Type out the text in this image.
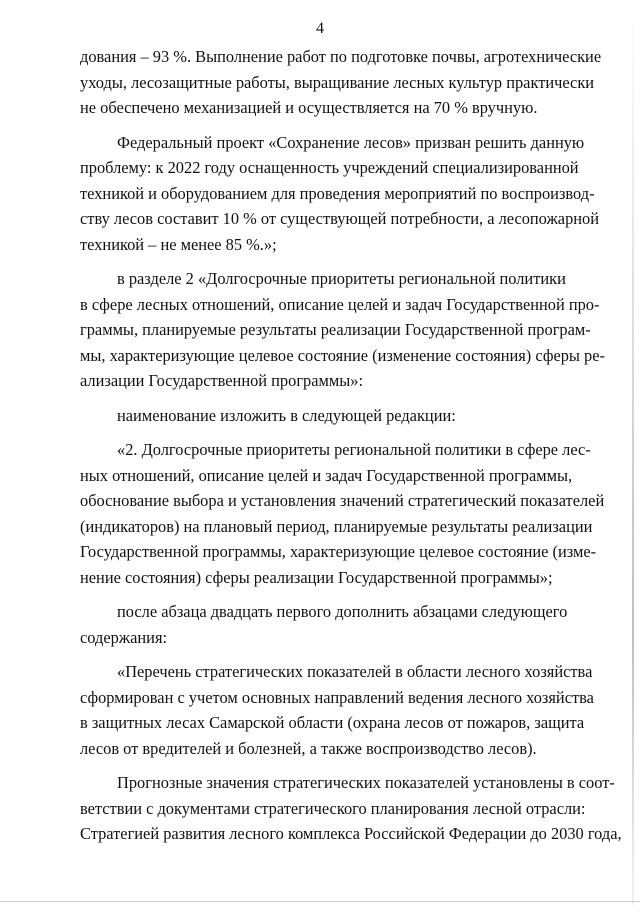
4
дования – 93 %. Выполнение работ по подготовке почвы, агротехнические
уходы, лесозащитные работы, выращивание лесных культур практически
не обеспечено механизацией и осуществляется на 70 % вручную.
Федеральный проект «Сохранение лесов» призван решить данную
проблему: к 2022 году оснащенность учреждений специализированной
техникой и оборудованием для проведения мероприятий по воспроизвод-
ству лесов составит 10 % от существующей потребности, а лесопожарной
техникой – не менее 85 %.»;
в разделе 2 «Долгосрочные приоритеты региональной политики
в сфере лесных отношений, описание целей и задач Государственной про-
граммы, планируемые результаты реализации Государственной програм-
мы, характеризующие целевое состояние (изменение состояния) сферы ре-
ализации Государственной программы»:
наименование изложить в следующей редакции:
«2. Долгосрочные приоритеты региональной политики в сфере лес-
ных отношений, описание целей и задач Государственной программы,
обоснование выбора и установления значений стратегический показателей
(индикаторов) на плановый период, планируемые результаты реализации
Государственной программы, характеризующие целевое состояние (изме-
нение состояния) сферы реализации Государственной программы»;
после абзаца двадцать первого дополнить абзацами следующего
содержания:
«Перечень стратегических показателей в области лесного хозяйства
сформирован с учетом основных направлений ведения лесного хозяйства
в защитных лесах Самарской области (охрана лесов от пожаров, защита
лесов от вредителей и болезней, а также воспроизводство лесов).
Прогнозные значения стратегических показателей установлены в соот-
ветствии с документами стратегического планирования лесной отрасли:
Стратегией развития лесного комплекса Российской Федерации до 2030 года,
